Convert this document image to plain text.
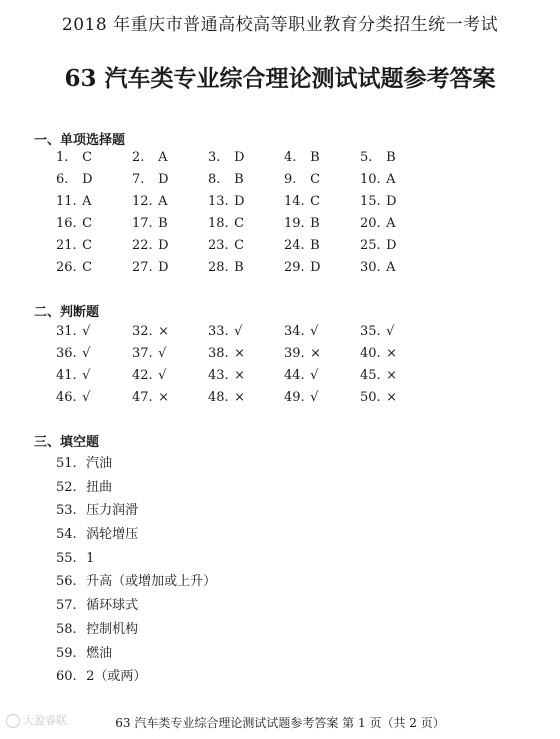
2018 年重庆市普通高校高等职业教育分类招生统一考试
63 汽车类专业综合理论测试试题参考答案
一、单项选择题
1. C	2. A	3. D	4. B	5. B
6. D	7. D	8. B	9. C	10. A
11. A	12. A	13. D	14. C	15. D
16. C	17. B	18. C	19. B	20. A
21. C	22. D	23. C	24. B	25. D
26. C	27. D	28. B	29. D	30. A
二、判断题
31. √	32. ×	33. √	34. √	35. √
36. √	37. √	38. ×	39. ×	40. ×
41. √	42. √	43. ×	44. √	45. ×
46. √	47. ×	48. ×	49. √	50. ×
三、填空题
51. 汽油
52. 扭曲
53. 压力润滑
54. 涡轮增压
55. 1
56. 升高（或增加或上升）
57. 循环球式
58. 控制机构
59. 燃油
60. 2（或两）
大盈睿联	63 汽车类专业综合理论测试试题参考答案 第 1 页（共 2 页）
